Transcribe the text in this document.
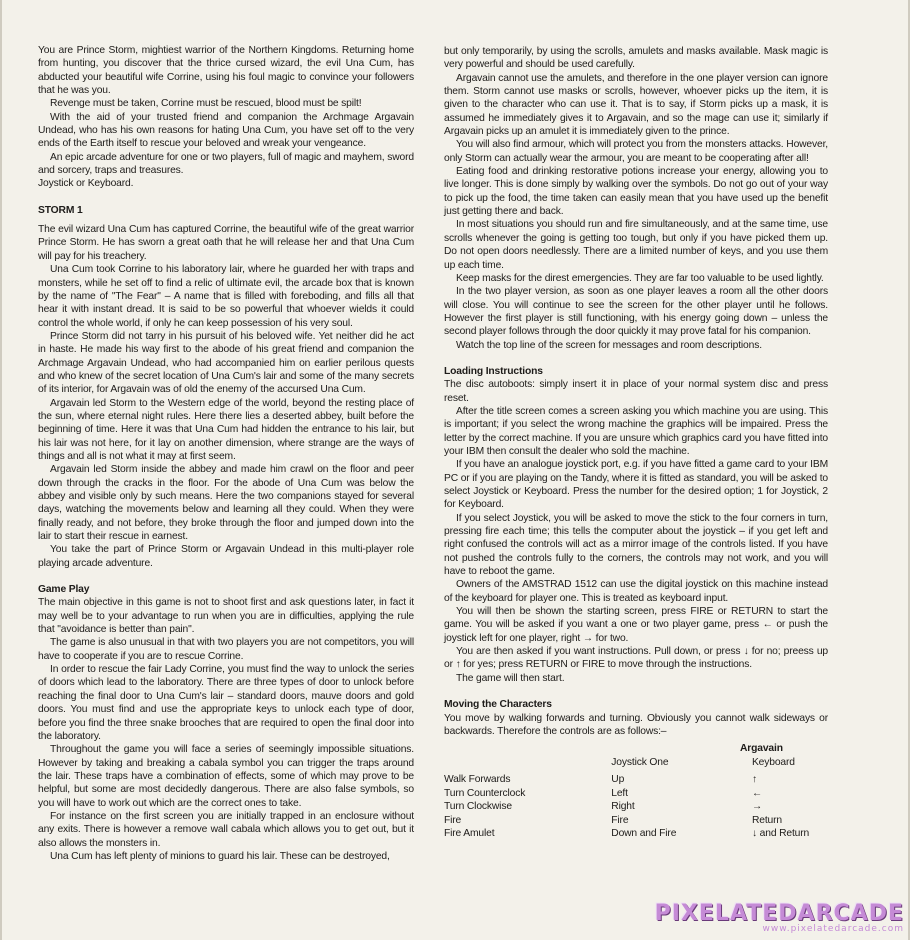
You are Prince Storm, mightiest warrior of the Northern Kingdoms. Returning home from hunting, you discover that the thrice cursed wizard, the evil Una Cum, has abducted your beautiful wife Corrine, using his foul magic to convince your followers that he was you.

Revenge must be taken, Corrine must be rescued, blood must be spilt!

With the aid of your trusted friend and companion the Archmage Argavain Undead, who has his own reasons for hating Una Cum, you have set off to the very ends of the Earth itself to rescue your beloved and wreak your vengeance.

An epic arcade adventure for one or two players, full of magic and mayhem, sword and sorcery, traps and treasures.

Joystick or Keyboard.

STORM 1

The evil wizard Una Cum has captured Corrine, the beautiful wife of the great warrior Prince Storm. He has sworn a great oath that he will release her and that Una Cum will pay for his treachery.

Una Cum took Corrine to his laboratory lair, where he guarded her with traps and monsters, while he set off to find a relic of ultimate evil, the arcade box that is known by the name of "The Fear" – A name that is filled with foreboding, and fills all that hear it with instant dread. It is said to be so powerful that whoever wields it could control the whole world, if only he can keep possession of his very soul.

Prince Storm did not tarry in his pursuit of his beloved wife. Yet neither did he act in haste. He made his way first to the abode of his great friend and companion the Archmage Argavain Undead, who had accompanied him on earlier perilous quests and who knew of the secret location of Una Cum's lair and some of the many secrets of its interior, for Argavain was of old the enemy of the accursed Una Cum.

Argavain led Storm to the Western edge of the world, beyond the resting place of the sun, where eternal night rules. Here there lies a deserted abbey, built before the beginning of time. Here it was that Una Cum had hidden the entrance to his lair, but his lair was not here, for it lay on another dimension, where strange are the ways of things and all is not what it may at first seem.

Argavain led Storm inside the abbey and made him crawl on the floor and peer down through the cracks in the floor. For the abode of Una Cum was below the abbey and visible only by such means. Here the two companions stayed for several days, watching the movements below and learning all they could. When they were finally ready, and not before, they broke through the floor and jumped down into the lair to start their rescue in earnest.

You take the part of Prince Storm or Argavain Undead in this multi-player role playing arcade adventure.

Game Play

The main objective in this game is not to shoot first and ask questions later, in fact it may well be to your advantage to run when you are in difficulties, applying the rule that "avoidance is better than pain".

The game is also unusual in that with two players you are not competitors, you will have to cooperate if you are to rescue Corrine.

In order to rescue the fair Lady Corrine, you must find the way to unlock the series of doors which lead to the laboratory. There are three types of door to unlock before reaching the final door to Una Cum's lair – standard doors, mauve doors and gold doors. You must find and use the appropriate keys to unlock each type of door, before you find the three snake brooches that are required to open the final door into the laboratory.

Throughout the game you will face a series of seemingly impossible situations. However by taking and breaking a cabala symbol you can trigger the traps around the lair. These traps have a combination of effects, some of which may prove to be helpful, but some are most decidedly dangerous. There are also false symbols, so you will have to work out which are the correct ones to take.

For instance on the first screen you are initially trapped in an enclosure without any exits. There is however a remove wall cabala which allows you to get out, but it also allows the monsters in.

Una Cum has left plenty of minions to guard his lair. These can be destroyed,

but only temporarily, by using the scrolls, amulets and masks available. Mask magic is very powerful and should be used carefully.

Argavain cannot use the amulets, and therefore in the one player version can ignore them. Storm cannot use masks or scrolls, however, whoever picks up the item, it is given to the character who can use it. That is to say, if Storm picks up a mask, it is assumed he immediately gives it to Argavain, and so the mage can use it; similarly if Argavain picks up an amulet it is immediately given to the prince.

You will also find armour, which will protect you from the monsters attacks. However, only Storm can actually wear the armour, you are meant to be cooperating after all!

Eating food and drinking restorative potions increase your energy, allowing you to live longer. This is done simply by walking over the symbols. Do not go out of your way to pick up the food, the time taken can easily mean that you have used up the benefit just getting there and back.

In most situations you should run and fire simultaneously, and at the same time, use scrolls whenever the going is getting too tough, but only if you have picked them up. Do not open doors needlessly. There are a limited number of keys, and you use them up each time.

Keep masks for the direst emergencies. They are far too valuable to be used lightly.

In the two player version, as soon as one player leaves a room all the other doors will close. You will continue to see the screen for the other player until he follows. However the first player is still functioning, with his energy going down – unless the second player follows through the door quickly it may prove fatal for his companion.

Watch the top line of the screen for messages and room descriptions.

Loading Instructions

The disc autoboots: simply insert it in place of your normal system disc and press reset.

After the title screen comes a screen asking you which machine you are using. This is important; if you select the wrong machine the graphics will be impaired. Press the letter by the correct machine. If you are unsure which graphics card you have fitted into your IBM then consult the dealer who sold the machine.

If you have an analogue joystick port, e.g. if you have fitted a game card to your IBM PC or if you are playing on the Tandy, where it is fitted as standard, you will be asked to select Joystick or Keyboard. Press the number for the desired option; 1 for Joystick, 2 for Keyboard.

If you select Joystick, you will be asked to move the stick to the four corners in turn, pressing fire each time; this tells the computer about the joystick – if you get left and right confused the controls will act as a mirror image of the controls listed. If you have not pushed the controls fully to the corners, the controls may not work, and you will have to reboot the game.

Owners of the AMSTRAD 1512 can use the digital joystick on this machine instead of the keyboard for player one. This is treated as keyboard input.

You will then be shown the starting screen, press FIRE or RETURN to start the game. You will be asked if you want a one or two player game, press ← or push the joystick left for one player, right → for two.

You are then asked if you want instructions. Pull down, or press ↓ for no; preess up or ↑ for yes; press RETURN or FIRE to move through the instructions.

The game will then start.

Moving the Characters

You move by walking forwards and turning. Obviously you cannot walk sideways or backwards. Therefore the controls are as follows:–

Argavain
Joystick One	Keyboard
Walk Forwards	Up	↑
Turn Counterclock	Left	←
Turn Clockwise	Right	→
Fire	Fire	Return
Fire Amulet	Down and Fire	↓ and Return
PIXELATEDARCADE
www.pixelatedarcade.com
